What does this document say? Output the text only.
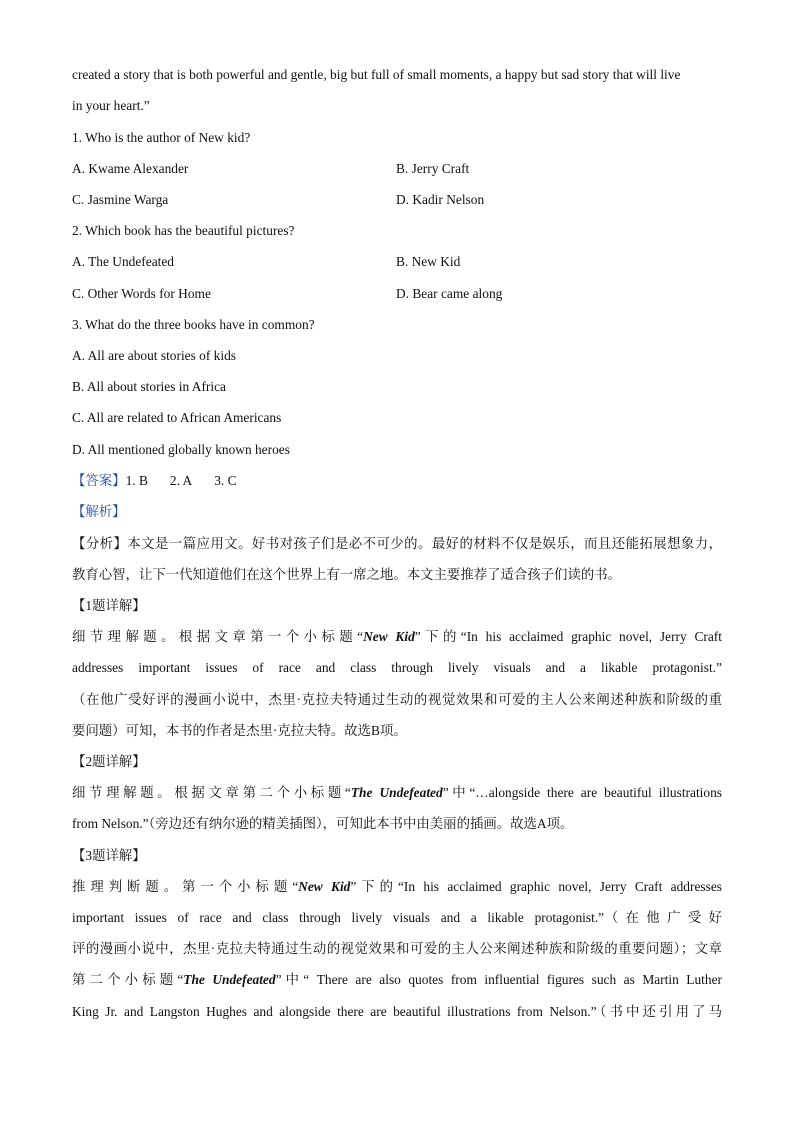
created a story that is both powerful and gentle, big but full of small moments, a happy but sad story that will live
in your heart.”
1. Who is the author of New kid?
A. Kwame Alexander	B. Jerry Craft
C. Jasmine Warga	D. Kadir Nelson
2. Which book has the beautiful pictures?
A. The Undefeated	B. New Kid
C. Other Words for Home	D. Bear came along
3. What do the three books have in common?
A. All are about stories of kids
B. All about stories in Africa
C. All are related to African Americans
D. All mentioned globally known heroes
【答案】1. B 2. A 3. C
【解析】
【分析】本文是一篇应用文。好书对孩子们是必不可少的。最好的材料不仅是娱乐，而且还能拓展想象力，
教育心智，让下一代知道他们在这个世界上有一席之地。本文主要推荐了适合孩子们读的书。
【1题详解】
细节理解题。根据文章第一个小标题“New Kid”下的“In his acclaimed graphic novel, Jerry Craft
addresses important issues of race and class through lively visuals and a likable protagonist.”
（在他广受好评的漫画小说中，杰里·克拉夫特通过生动的视觉效果和可爱的主人公来阐述种族和阶级的重
要问题）可知，本书的作者是杰里·克拉夫特。故选B项。
【2题详解】
细节理解题。根据文章第二个小标题“The Undefeated”中“…alongside there are beautiful illustrations
from Nelson.”（旁边还有纳尔逊的精美插图），可知此本书中由美丽的插画。故选A项。
【3题详解】
推理判断题。第一个小标题“New Kid”下的“In his acclaimed graphic novel, Jerry Craft addresses
important issues of race and class through lively visuals and a likable protagonist.”（在他广受好
评的漫画小说中，杰里·克拉夫特通过生动的视觉效果和可爱的主人公来阐述种族和阶级的重要问题）；文章
第二个小标题“The Undefeated”中“ There are also quotes from influential figures such as Martin Luther
King Jr. and Langston Hughes and alongside there are beautiful illustrations from Nelson.”（书中还引用了马
